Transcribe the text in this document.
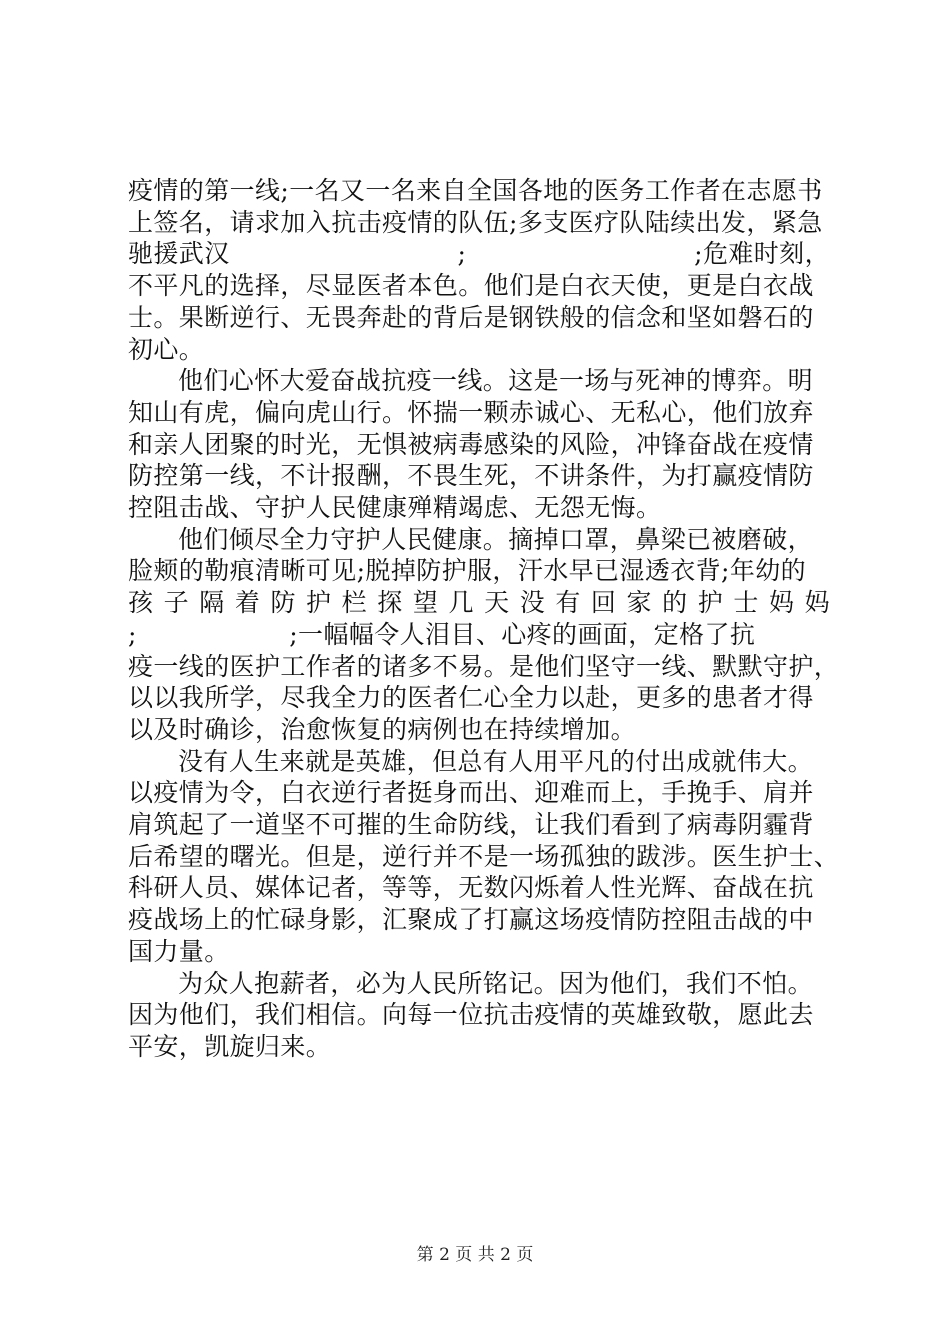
疫情的第一线;一名又一名来自全国各地的医务工作者在志愿书
上签名，请求加入抗击疫情的队伍;多支医疗队陆续出发，紧急
驰援武汉	;	;危难时刻，
不平凡的选择，尽显医者本色。他们是白衣天使，更是白衣战
士。果断逆行、无畏奔赴的背后是钢铁般的信念和坚如磐石的
初心。
他们心怀大爱奋战抗疫一线。这是一场与死神的博弈。明
知山有虎，偏向虎山行。怀揣一颗赤诚心、无私心，他们放弃
和亲人团聚的时光，无惧被病毒感染的风险，冲锋奋战在疫情
防控第一线，不计报酬，不畏生死，不讲条件，为打赢疫情防
控阻击战、守护人民健康殚精竭虑、无怨无悔。
他们倾尽全力守护人民健康。摘掉口罩，鼻梁已被磨破，
脸颊的勒痕清晰可见;脱掉防护服，汗水早已湿透衣背;年幼的
孩 子 隔 着 防 护 栏 探 望 几 天 没 有 回 家 的 护 士 妈 妈
;　　　　　　;一幅幅令人泪目、心疼的画面，定格了抗
疫一线的医护工作者的诸多不易。是他们坚守一线、默默守护，
以以我所学，尽我全力的医者仁心全力以赴，更多的患者才得
以及时确诊，治愈恢复的病例也在持续增加。
没有人生来就是英雄，但总有人用平凡的付出成就伟大。
以疫情为令，白衣逆行者挺身而出、迎难而上，手挽手、肩并
肩筑起了一道坚不可摧的生命防线，让我们看到了病毒阴霾背
后希望的曙光。但是，逆行并不是一场孤独的跋涉。医生护士、
科研人员、媒体记者，等等，无数闪烁着人性光辉、奋战在抗
疫战场上的忙碌身影，汇聚成了打赢这场疫情防控阻击战的中
国力量。
为众人抱薪者，必为人民所铭记。因为他们，我们不怕。
因为他们，我们相信。向每一位抗击疫情的英雄致敬，愿此去
平安，凯旋归来。
第 2 页 共 2 页
